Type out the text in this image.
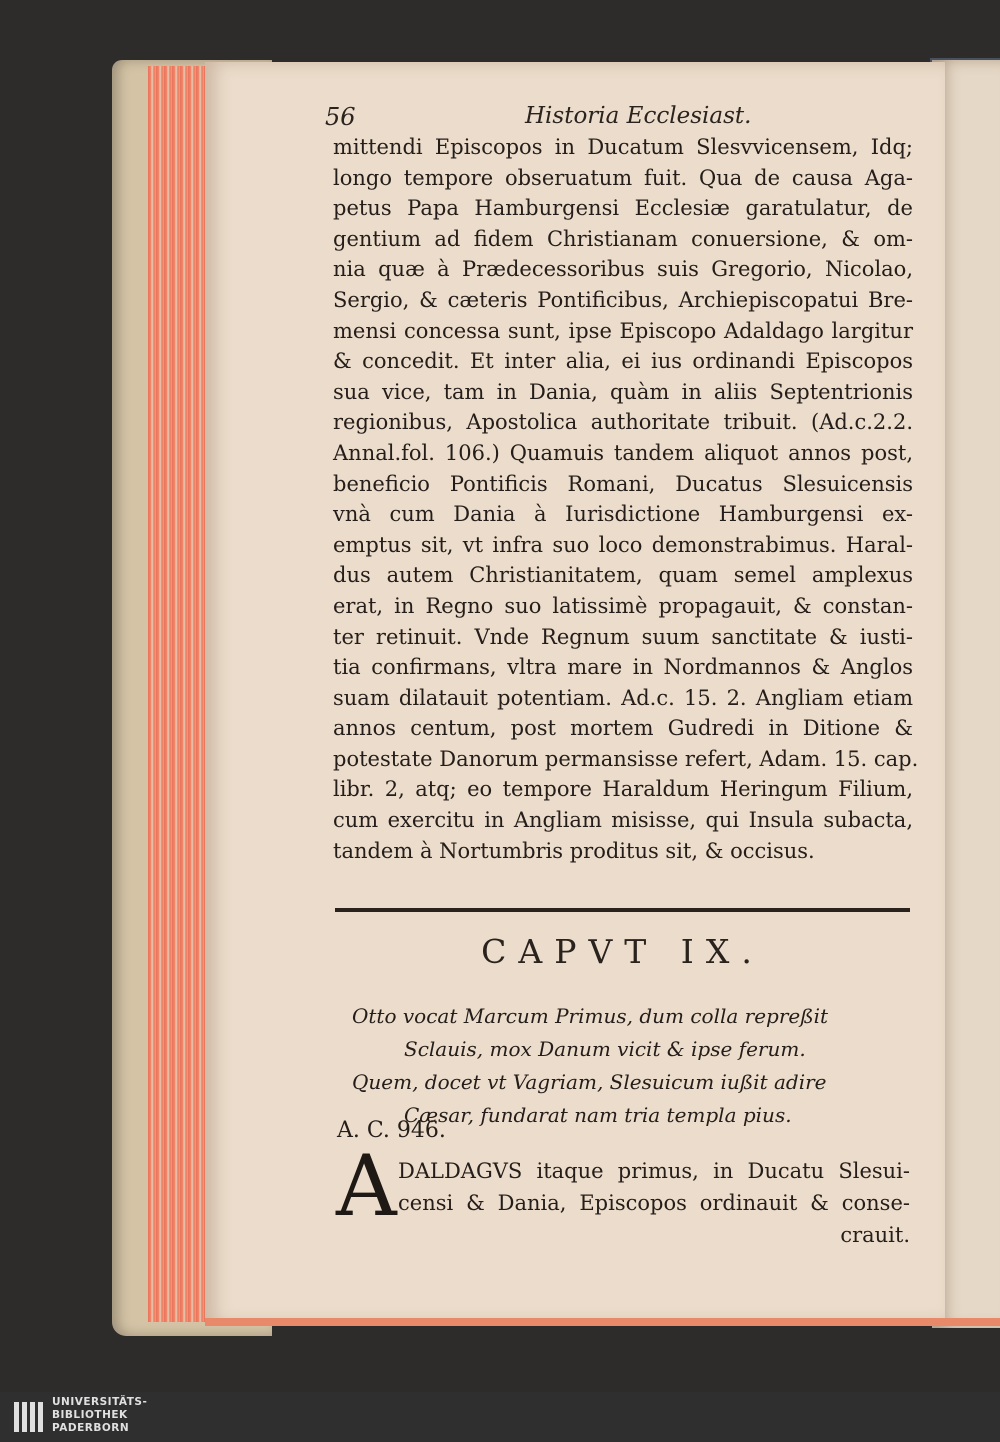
56	Historia Ecclesiast.
mittendi Episcopos in Ducatum Slesvvicensem, Idq;
longo tempore obseruatum fuit. Qua de causa Aga-
petus Papa Hamburgensi Ecclesiæ garatulatur, de
gentium ad fidem Christianam conuersione, & om-
nia quæ à Prædecessoribus suis Gregorio, Nicolao,
Sergio, & cæteris Pontificibus, Archiepiscopatui Bre-
mensi concessa sunt, ipse Episcopo Adaldago largitur
& concedit. Et inter alia, ei ius ordinandi Episcopos
sua vice, tam in Dania, quàm in aliis Septentrionis
regionibus, Apostolica authoritate tribuit. (Ad.c.2.2.
Annal.fol. 106.) Quamuis tandem aliquot annos post,
beneficio Pontificis Romani, Ducatus Slesuicensis
vnà cum Dania à Iurisdictione Hamburgensi ex-
emptus sit, vt infra suo loco demonstrabimus. Haral-
dus autem Christianitatem, quam semel amplexus
erat, in Regno suo latissimè propagauit, & constan-
ter retinuit. Vnde Regnum suum sanctitate & iusti-
tia confirmans, vltra mare in Nordmannos & Anglos
suam dilatauit potentiam. Ad.c. 15. 2. Angliam etiam
annos centum, post mortem Gudredi in Ditione &
potestate Danorum permansisse refert, Adam. 15. cap.
libr. 2, atq; eo tempore Haraldum Heringum Filium,
cum exercitu in Angliam misisse, qui Insula subacta,
tandem à Nortumbris proditus sit, & occisus.
CAPVT IX.
Otto vocat Marcum Primus, dum colla repreßit
Sclauis, mox Danum vicit & ipse ferum.
Quem, docet vt Vagriam, Slesuicum iußit adire
Cæsar, fundarat nam tria templa pius.
A. C. 946.
A DALDAGVS itaque primus, in Ducatu Slesui-
censi & Dania, Episcopos ordinauit & conse-
crauit.
UNIVERSITÄTS-
BIBLIOTHEK
PADERBORN
